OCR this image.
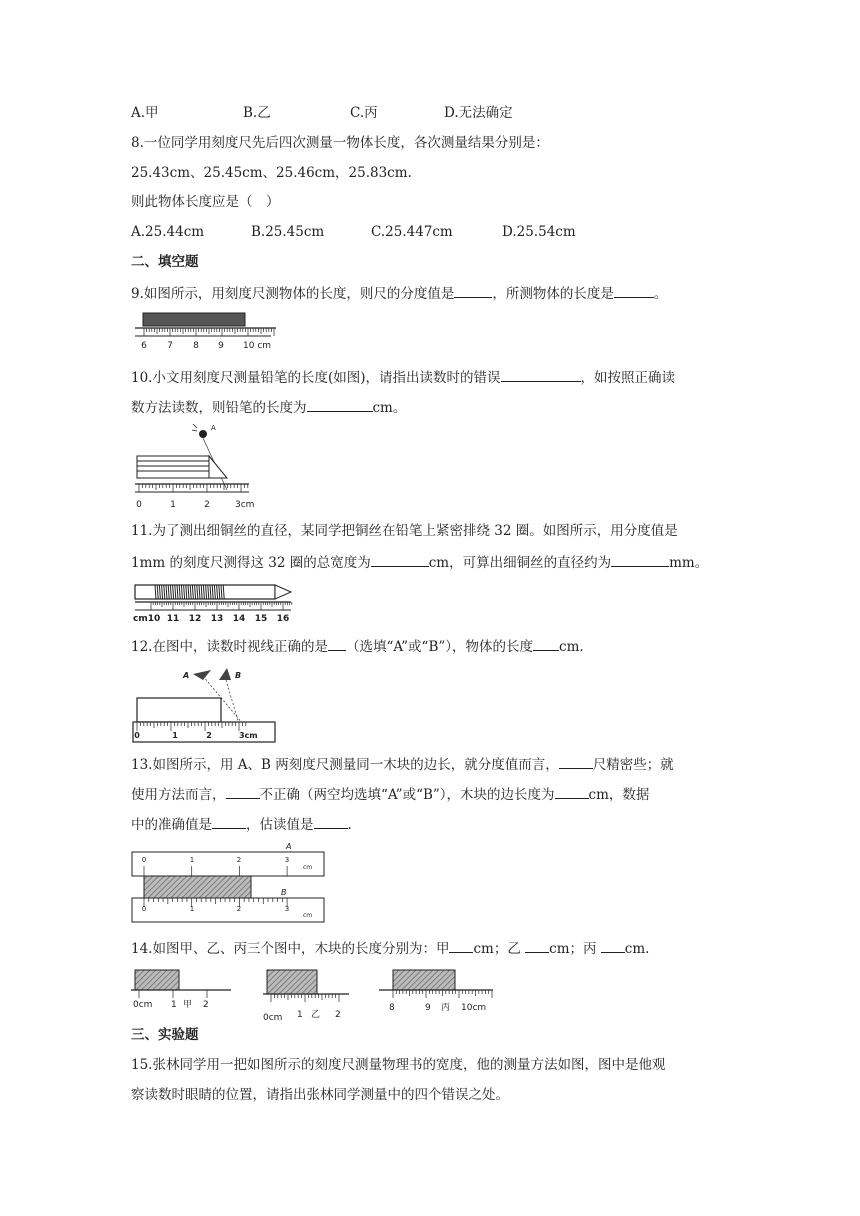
A.甲	B.乙	C.丙	D.无法确定
8.一位同学用刻度尺先后四次测量一物体长度，各次测量结果分别是：
25.43cm、25.45cm、25.46cm，25.83cm.
则此物体长度应是（　）
A.25.44cm	B.25.45cm	C.25.447cm	D.25.54cm
二、填空题
9.如图所示，用刻度尺测物体的长度，则尺的分度值是	，所测物体的长度是	。
6 7 8 9 10 cm
10.小文用刻度尺测量铅笔的长度(如图)，请指出读数时的错误	，如按照正确读
数方法读数，则铅笔的长度为	cm。
A
0	1	2	3cm
11.为了测出细铜丝的直径，某同学把铜丝在铅笔上紧密排绕 32 圈。如图所示，用分度值是
1mm 的刻度尺测得这 32 圈的总宽度为	cm，可算出细铜丝的直径约为	mm。
cm10 11 12 13 14 15 16
12.在图中，读数时视线正确的是 （选填“A”或“B”），物体的长度 cm.
A	B
0	1	2	3cm
13.如图所示，用 A、B 两刻度尺测量同一木块的边长，就分度值而言，	尺精密些；就
使用方法而言，	不正确（两空均选填“A”或“B”），木块的边长度为	cm，数据
中的准确值是	，估读值是	.
A
0	1	2	3
cm
B
0	1	2	3
cm
14.如图甲、乙、丙三个图中，木块的长度分别为：甲 cm；乙 cm；丙 cm.
0cm 1 甲 2
0cm 1 乙 2
8	9 丙 10cm
三、实验题
15.张林同学用一把如图所示的刻度尺测量物理书的宽度，他的测量方法如图，图中是他观
察读数时眼睛的位置，请指出张林同学测量中的四个错误之处。
